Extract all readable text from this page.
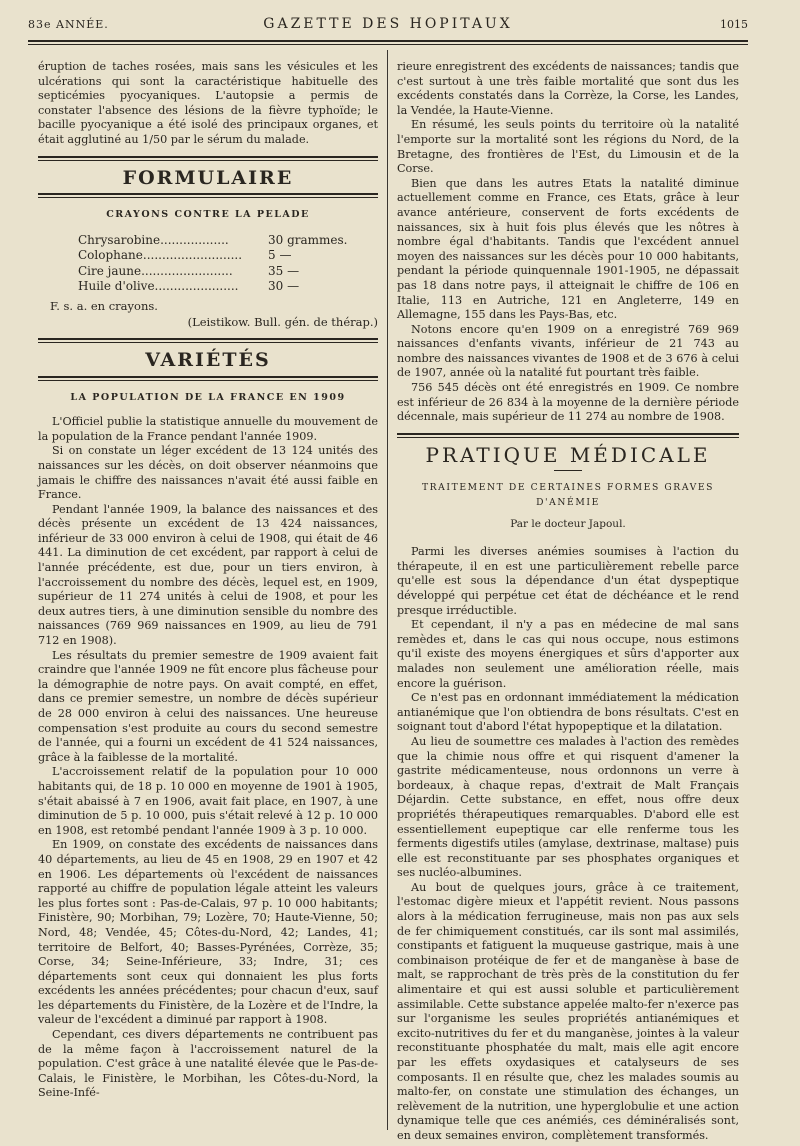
83e ANNÉE.	GAZETTE DES HOPITAUX	1015

éruption de taches rosées, mais sans les vésicules et les ulcérations qui sont la caractéristique habituelle des septicémies pyocyaniques. L'autopsie a permis de constater l'absence des lésions de la fièvre typhoïde; le bacille pyocyanique a été isolé des principaux organes, et était agglutiné au 1/50 par le sérum du malade.

FORMULAIRE
CRAYONS CONTRE LA PELADE
Chrysarobine..................	30 grammes.
Colophane..........................	5 —
Cire jaune........................	35 —
Huile d'olive......................	30 —
F. s. a. en crayons.
(Leistikow. Bull. gén. de thérap.)
VARIÉTÉS
LA POPULATION DE LA FRANCE EN 1909

L'Officiel publie la statistique annuelle du mouvement de la population de la France pendant l'année 1909.

Si on constate un léger excédent de 13 124 unités des naissances sur les décès, on doit observer néanmoins que jamais le chiffre des naissances n'avait été aussi faible en France.

Pendant l'année 1909, la balance des naissances et des décès présente un excédent de 13 424 naissances, inférieur de 33 000 environ à celui de 1908, qui était de 46 441. La diminution de cet excédent, par rapport à celui de l'année précédente, est due, pour un tiers environ, à l'accroissement du nombre des décès, lequel est, en 1909, supérieur de 11 274 unités à celui de 1908, et pour les deux autres tiers, à une diminution sensible du nombre des naissances (769 969 naissances en 1909, au lieu de 791 712 en 1908).

Les résultats du premier semestre de 1909 avaient fait craindre que l'année 1909 ne fût encore plus fâcheuse pour la démographie de notre pays. On avait compté, en effet, dans ce premier semestre, un nombre de décès supérieur de 28 000 environ à celui des naissances. Une heureuse compensation s'est produite au cours du second semestre de l'année, qui a fourni un excédent de 41 524 naissances, grâce à la faiblesse de la mortalité.

L'accroissement relatif de la population pour 10 000 habitants qui, de 18 p. 10 000 en moyenne de 1901 à 1905, s'était abaissé à 7 en 1906, avait fait place, en 1907, à une diminution de 5 p. 10 000, puis s'était relevé à 12 p. 10 000 en 1908, est retombé pendant l'année 1909 à 3 p. 10 000.

En 1909, on constate des excédents de naissances dans 40 départements, au lieu de 45 en 1908, 29 en 1907 et 42 en 1906. Les départements où l'excédent de naissances rapporté au chiffre de population légale atteint les valeurs les plus fortes sont : Pas-de-Calais, 97 p. 10 000 habitants; Finistère, 90; Morbihan, 79; Lozère, 70; Haute-Vienne, 50; Nord, 48; Vendée, 45; Côtes-du-Nord, 42; Landes, 41; territoire de Belfort, 40; Basses-Pyrénées, Corrèze, 35; Corse, 34; Seine-Inférieure, 33; Indre, 31; ces départements sont ceux qui donnaient les plus forts excédents les années précédentes; pour chacun d'eux, sauf les départements du Finistère, de la Lozère et de l'Indre, la valeur de l'excédent a diminué par rapport à 1908.

Cependant, ces divers départements ne contribuent pas de la même façon à l'accroissement naturel de la population. C'est grâce à une natalité élevée que le Pas-de-Calais, le Finistère, le Morbihan, les Côtes-du-Nord, la Seine-Infé-

rieure enregistrent des excédents de naissances; tandis que c'est surtout à une très faible mortalité que sont dus les excédents constatés dans la Corrèze, la Corse, les Landes, la Vendée, la Haute-Vienne.

En résumé, les seuls points du territoire où la natalité l'emporte sur la mortalité sont les régions du Nord, de la Bretagne, des frontières de l'Est, du Limousin et de la Corse.

Bien que dans les autres Etats la natalité diminue actuellement comme en France, ces Etats, grâce à leur avance antérieure, conservent de forts excédents de naissances, six à huit fois plus élevés que les nôtres à nombre égal d'habitants. Tandis que l'excédent annuel moyen des naissances sur les décès pour 10 000 habitants, pendant la période quinquennale 1901-1905, ne dépassait pas 18 dans notre pays, il atteignait le chiffre de 106 en Italie, 113 en Autriche, 121 en Angleterre, 149 en Allemagne, 155 dans les Pays-Bas, etc.

Notons encore qu'en 1909 on a enregistré 769 969 naissances d'enfants vivants, inférieur de 21 743 au nombre des naissances vivantes de 1908 et de 3 676 à celui de 1907, année où la natalité fut pourtant très faible.

756 545 décès ont été enregistrés en 1909. Ce nombre est inférieur de 26 834 à la moyenne de la dernière période décennale, mais supérieur de 11 274 au nombre de 1908.

PRATIQUE MÉDICALE
TRAITEMENT DE CERTAINES FORMES GRAVES D'ANÉMIE
Par le docteur Japoul.

Parmi les diverses anémies soumises à l'action du thérapeute, il en est une particulièrement rebelle parce qu'elle est sous la dépendance d'un état dyspeptique développé qui perpétue cet état de déchéance et le rend presque irréductible.

Et cependant, il n'y a pas en médecine de mal sans remèdes et, dans le cas qui nous occupe, nous estimons qu'il existe des moyens énergiques et sûrs d'apporter aux malades non seulement une amélioration réelle, mais encore la guérison.

Ce n'est pas en ordonnant immédiatement la médication antianémique que l'on obtiendra de bons résultats. C'est en soignant tout d'abord l'état hypopeptique et la dilatation.

Au lieu de soumettre ces malades à l'action des remèdes que la chimie nous offre et qui risquent d'amener la gastrite médicamenteuse, nous ordonnons un verre à bordeaux, à chaque repas, d'extrait de Malt Français Déjardin. Cette substance, en effet, nous offre deux propriétés thérapeutiques remarquables. D'abord elle est essentiellement eupeptique car elle renferme tous les ferments digestifs utiles (amylase, dextrinase, maltase) puis elle est reconstituante par ses phosphates organiques et ses nucléo-albumines.

Au bout de quelques jours, grâce à ce traitement, l'estomac digère mieux et l'appétit revient. Nous passons alors à la médication ferrugineuse, mais non pas aux sels de fer chimiquement constitués, car ils sont mal assimilés, constipants et fatiguent la muqueuse gastrique, mais à une combinaison protéique de fer et de manganèse à base de malt, se rapprochant de très près de la constitution du fer alimentaire et qui est aussi soluble et particulièrement assimilable. Cette substance appelée malto-fer n'exerce pas sur l'organisme les seules propriétés antianémiques et excito-nutritives du fer et du manganèse, jointes à la valeur reconstituante phosphatée du malt, mais elle agit encore par les effets oxydasiques et catalyseurs de ses composants. Il en résulte que, chez les malades soumis au malto-fer, on constate une stimulation des échanges, un relèvement de la nutrition, une hyperglobulie et une action dynamique telle que ces anémiés, ces déminéralisés sont, en deux semaines environ, complètement transformés.
